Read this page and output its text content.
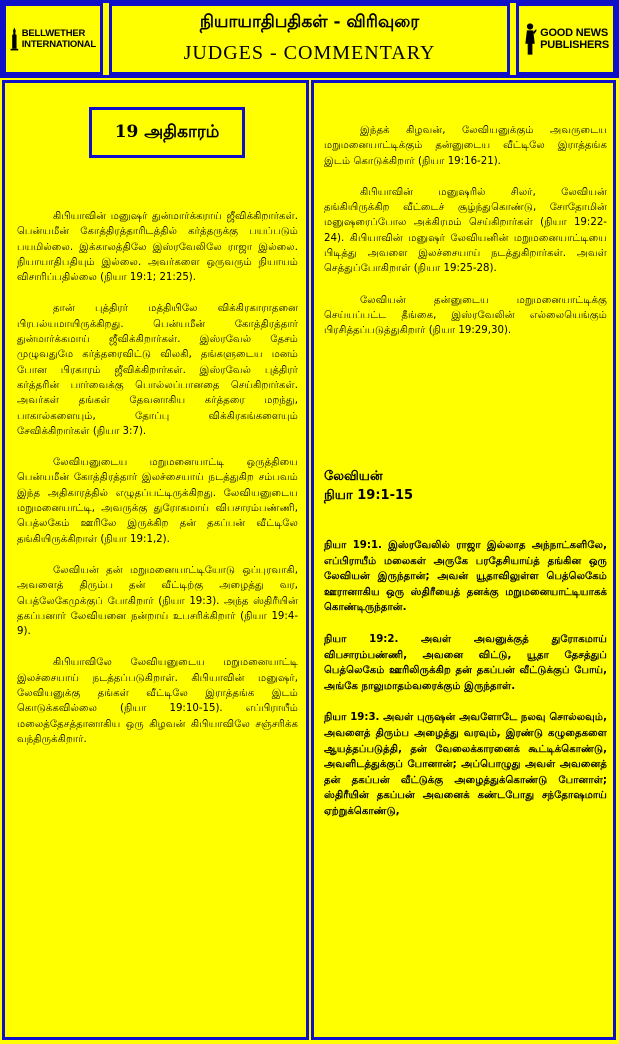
BELLWETHER
INTERNATIONAL
நியாயாதிபதிகள் - விரிவுரை
JUDGES - COMMENTARY
GOOD NEWS
PUBLISHERS
19 அதிகாரம்

கிபியாவின் மனுஷர் துன்மார்க்கராய் ஜீவிக்கிறார்கள். பென்யமீன் கோத்திரத்தாரிடத்தில் கர்த்தருக்கு பயப்படும் பயமில்லை. இக்காலத்திலே இஸ்ரவேலிலே ராஜா இல்லை. நியாயாதிபதியும் இல்லை. அவர்களை ஒருவரும் நியாயம் விசாரிப்பதில்லை (நியா 19:1; 21:25).

தான் புத்திரர் மத்தியிலே விக்கிரகாராதனை பிரபல்யமாயிருக்கிறது. பென்யமீன் கோத்திரத்தார் துன்மார்க்கமாய் ஜீவிக்கிறார்கள். இஸ்ரவேல் தேசம் முழுவதுமே கர்த்தரைவிட்டு விலகி, தங்களுடைய மனம் போன பிரகாரம் ஜீவிக்கிறார்கள். இஸ்ரவேல் புத்திரர் கர்த்தரின் பார்வைக்கு பொல்லப்பானதை செய்கிறார்கள். அவர்கள் தங்கள் தேவனாகிய கர்த்தரை மறந்து, பாகால்களையும், தோப்பு விக்கிரகங்களையும் சேவிக்கிறார்கள் (நியா 3:7).

லேவியனுடைய மறுமனையாட்டி ஒருத்தியை பென்யமீன் கோத்திரத்தார் இலச்சையாய் நடத்துகிற சம்பவம் இந்த அதிகாரத்தில் எழுதப்பட்டிருக்கிறது. லேவியனுடைய மறுமனையாட்டி, அவருக்கு துரோகமாய் விபசாரம்பண்ணி, பெத்லகேம் ஊரிலே இருக்கிற தன் தகப்பன் வீட்டிலே தங்கியிருக்கிறாள் (நியா 19:1,2).

லேவியன் தன் மறுமனையாட்டியோடு ஒப்புரவாகி, அவளைத் திரும்ப தன் வீட்டிற்கு அழைத்து வர, பெத்லேகேமுக்குப் போகிறார் (நியா 19:3). அந்த ஸ்திரீயின் தகப்பனார் லேவியனை நன்றாய் உபசரிக்கிறார் (நியா 19:4-9).

கிபியாவிலே லேவியனுடைய மறுமனையாட்டி இலச்சையாய் நடத்தப்படுகிறாள். கிபியாவின் மனுஷர், லேவியனுக்கு தங்கள் வீட்டிலே இராத்தங்க இடம் கொடுக்கவில்லை (நியா 19:10-15). எப்பிராயீம் மலைத்தேசத்தானாகிய ஒரு கிழவன் கிபியாவிலே சஞ்சரிக்க வந்திருக்கிறார்.

இந்தக் கிழவன், லேவியனுக்கும் அவருடைய மறுமனையாட்டிக்கும் தன்னுடைய வீட்டிலே இராத்தங்க இடம் கொடுக்கிறார் (நியா 19:16-21).

கிபியாவின் மனுஷரில் சிலர், லேவியன் தங்கியிருக்கிற வீட்டைச் சூழ்ந்துகொண்டு, சோதோமின் மனுஷரைப்போல அக்கிரமம் செய்கிறார்கள் (நியா 19:22-24). கிபியாவின் மனுஷர் லேவியனின் மறுமனையாட்டியை பிடித்து அவளை இலச்சையாய் நடத்துகிறார்கள். அவள் செத்துப்போகிறாள் (நியா 19:25-28).

லேவியன் தன்னுடைய மறுமனையாட்டிக்கு செய்யப்பட்ட தீங்கை, இஸ்ரவேலின் எல்லையெங்கும் பிரசித்தப்படுத்துகிறார் (நியா 19:29,30).

லேவியன்
நியா 19:1-15

நியா 19:1. இஸ்ரவேலில் ராஜா இல்லாத அந்நாட்களிலே, எப்பிராயீம் மலைகள் அருகே பரதேசியாய்த் தங்கின ஒரு லேவியன் இருந்தான்; அவன் யூதாவிலுள்ள பெத்லெகேம் ஊரானாகிய ஒரு ஸ்திரீயைத் தனக்கு மறுமனையாட்டியாகக் கொண்டிருந்தான்.

நியா 19:2. அவள் அவனுக்குத் துரோகமாய் விபசாரம்பண்ணி, அவனை விட்டு, யூதா தேசத்துப் பெத்லெகேம் ஊரிலிருக்கிற தன் தகப்பன் வீட்டுக்குப் போய், அங்கே நாலுமாதம்வரைக்கும் இருந்தாள்.

நியா 19:3. அவள் புருஷன் அவளோடே நலவு சொல்லவும், அவளைத் திரும்ப அழைத்து வரவும், இரண்டு கழுதைகளை ஆயத்தப்படுத்தி, தன் வேலைக்காரனைக் கூட்டிக்கொண்டு, அவளிடத்துக்குப் போனான்; அப்பொழுது அவள் அவனைத் தன் தகப்பன் வீட்டுக்கு அழைத்துக்கொண்டு போனாள்; ஸ்திரீயின் தகப்பன் அவனைக் கண்டபோது சந்தோஷமாய் ஏற்றுக்கொண்டு,
